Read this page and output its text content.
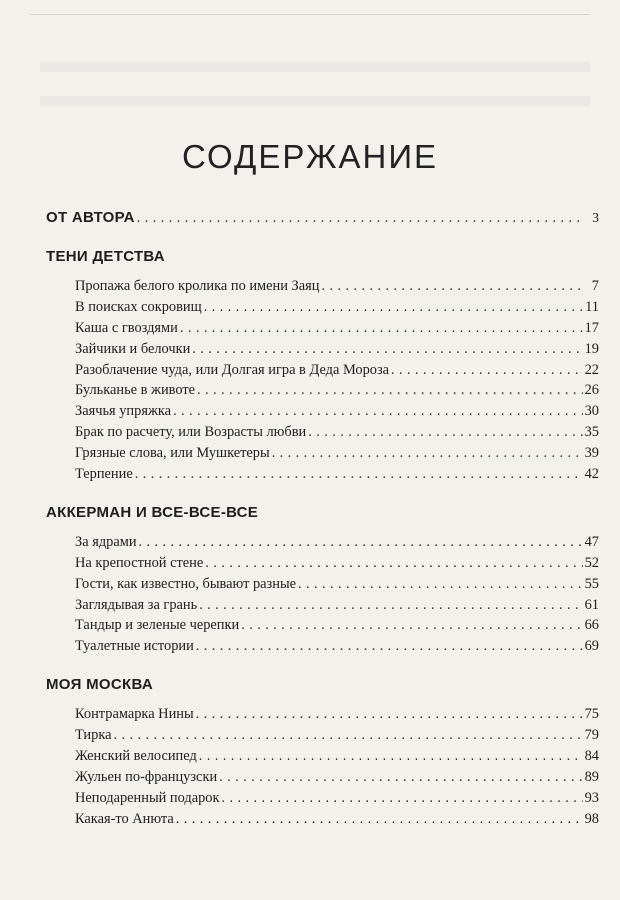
СОДЕРЖАНИЕ
ОТ АВТОРА . . .	3
ТЕНИ ДЕТСТВА
Пропажа белого кролика по имени Заяц . . .	7
В поисках сокровищ . . .	11
Каша с гвоздями . . .	17
Зайчики и белочки . . .	19
Разоблачение чуда, или Долгая игра в Деда Мороза . . .	22
Бульканье в животе . . .	26
Заячья упряжка . . .	30
Брак по расчету, или Возрасты любви . . .	35
Грязные слова, или Мушкетеры . . .	39
Терпение . . .	42
АККЕРМАН И ВСЕ-ВСЕ-ВСЕ
За ядрами . . .	47
На крепостной стене . . .	52
Гости, как известно, бывают разные . . .	55
Заглядывая за грань . . .	61
Тандыр и зеленые черепки . . .	66
Туалетные истории . . .	69
МОЯ МОСКВА
Контрамарка Нины . . .	75
Тирка . . .	79
Женский велосипед . . .	84
Жульен по-французски . . .	89
Неподаренный подарок . . .	93
Какая-то Анюта . . .	98
